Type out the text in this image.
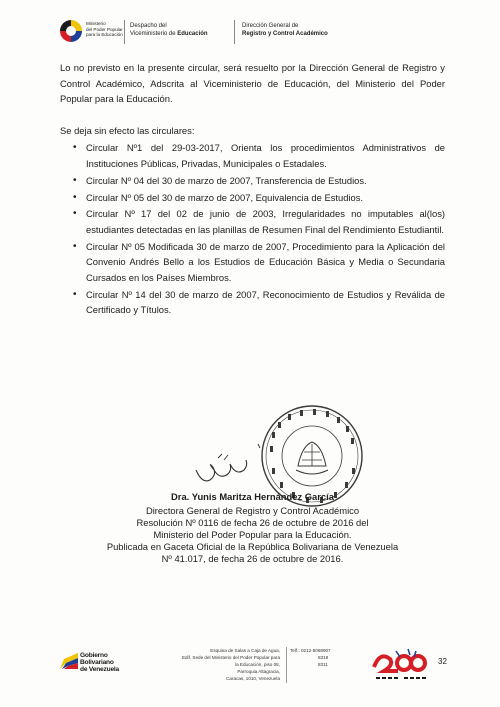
Ministerio
del Poder Popular
para la Educación
Despacho del
Viceministerio de Educación
Dirección General de
Registro y Control Académico

Lo no previsto en la presente circular, será resuelto por la Dirección General de Registro y Control Académico, Adscrita al Viceministerio de Educación, del Ministerio del Poder Popular para la Educación.

Se deja sin efecto las circulares:

• Circular Nº1 del 29-03-2017, Orienta los procedimientos Administrativos de Instituciones Públicas, Privadas, Municipales o Estadales.
• Circular Nº 04 del 30 de marzo de 2007, Transferencia de Estudios.
• Circular Nº 05 del 30 de marzo de 2007, Equivalencia de Estudios.
• Circular Nº 17 del 02 de junio de 2003, Irregularidades no imputables al(los) estudiantes detectadas en las planillas de Resumen Final del Rendimiento Estudiantil.
• Circular Nº 05 Modificada 30 de marzo de 2007, Procedimiento para la Aplicación del Convenio Andrés Bello a los Estudios de Educación Básica y Media o Secundaria Cursados en los Países Miembros.
• Circular Nº 14 del 30 de marzo de 2007, Reconocimiento de Estudios y Reválida de Certificado y Títulos.
Dra. Yunis Maritza Hernández García
Directora General de Registro y Control Académico
Resolución Nº 0116 de fecha 26 de octubre de 2016 del
Ministerio del Poder Popular para la Educación.
Publicada en Gaceta Oficial de la República Bolivariana de Venezuela
Nº 41.017, de fecha 26 de octubre de 2016.
Gobierno
Bolivariano
de Venezuela
Esquina de Salas a Caja de Agua,
Edif. Sede del Ministerio del Poder Popular para
la Educación, piso 08,
Parroquia Altagracia,
Caracas, 1010, Venezuela
Telf.: 0212-5068907
8318
8311	32
